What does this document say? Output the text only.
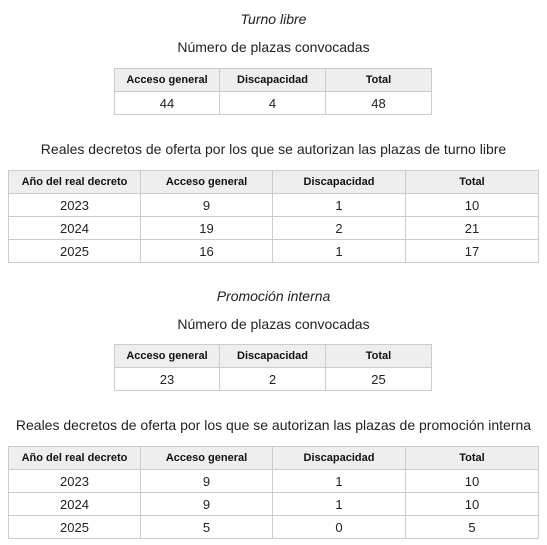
Turno libre
Número de plazas convocadas
Acceso general	Discapacidad	Total
44	4	48
Reales decretos de oferta por los que se autorizan las plazas de turno libre
Año del real decreto	Acceso general	Discapacidad	Total
2023	9	1	10
2024	19	2	21
2025	16	1	17
Promoción interna
Número de plazas convocadas
Acceso general	Discapacidad	Total
23	2	25
Reales decretos de oferta por los que se autorizan las plazas de promoción interna
Año del real decreto	Acceso general	Discapacidad	Total
2023	9	1	10
2024	9	1	10
2025	5	0	5
